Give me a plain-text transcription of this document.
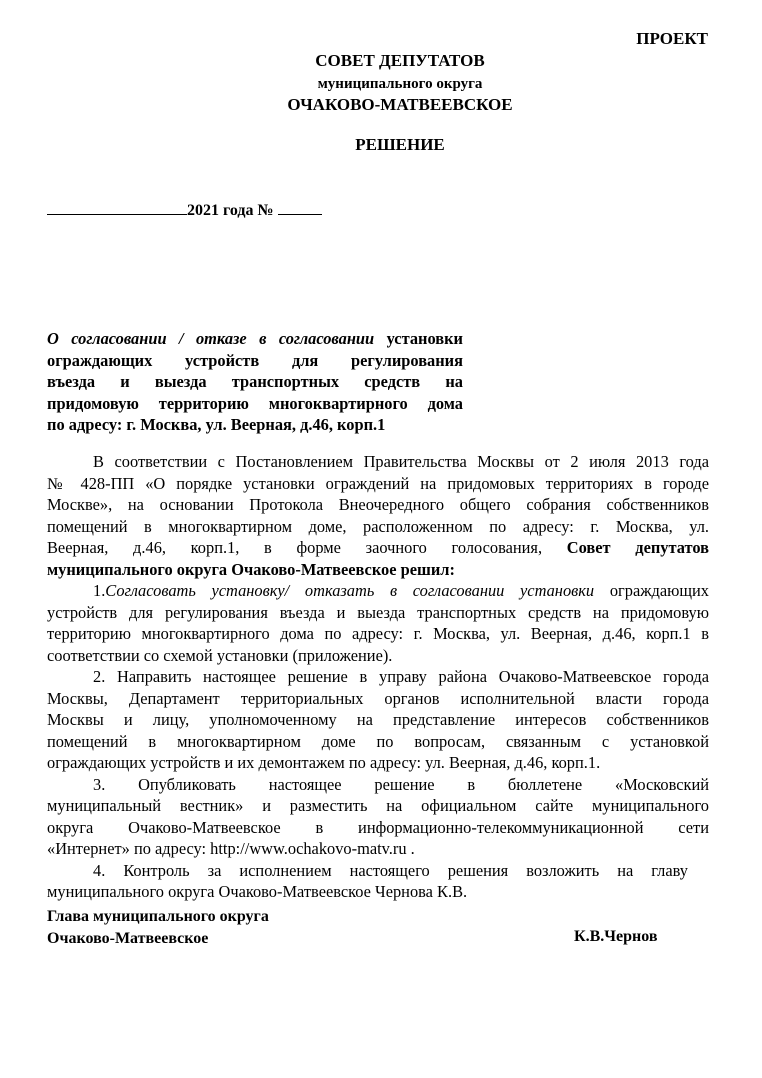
ПРОЕКТ
СОВЕТ ДЕПУТАТОВ
муниципального округа
ОЧАКОВО-МАТВЕЕВСКОЕ
РЕШЕНИЕ
2021 года №
О согласовании / отказе в согласовании установки
ограждающих устройств для регулирования
въезда и выезда транспортных средств на
придомовую территорию многоквартирного дома
по адресу: г. Москва, ул. Веерная, д.46, корп.1
В соответствии с Постановлением Правительства Москвы от 2 июля 2013 года
№ 428-ПП «О порядке установки ограждений на придомовых территориях в городе
Москве», на основании Протокола Внеочередного общего собрания собственников
помещений в многоквартирном доме, расположенном по адресу: г. Москва, ул.
Веерная, д.46, корп.1, в форме заочного голосования, Совет депутатов
муниципального округа Очаково-Матвеевское решил:
1.Согласовать установку/ отказать в согласовании установки ограждающих
устройств для регулирования въезда и выезда транспортных средств на придомовую
территорию многоквартирного дома по адресу: г. Москва, ул. Веерная, д.46, корп.1 в
соответствии со схемой установки (приложение).
2. Направить настоящее решение в управу района Очаково-Матвеевское города
Москвы, Департамент территориальных органов исполнительной власти города
Москвы и лицу, уполномоченному на представление интересов собственников
помещений в многоквартирном доме по вопросам, связанным с установкой
ограждающих устройств и их демонтажем по адресу: ул. Веерная, д.46, корп.1.
3. Опубликовать настоящее решение в бюллетене «Московский
муниципальный вестник» и разместить на официальном сайте муниципального
округа Очаково-Матвеевское в информационно-телекоммуникационной сети
«Интернет» по адресу: http://www.ochakovo-matv.ru .
4. Контроль за исполнением настоящего решения возложить на главу
муниципального округа Очаково-Матвеевское Чернова К.В.
Глава муниципального округа
Очаково-Матвеевское	К.В.Чернов
